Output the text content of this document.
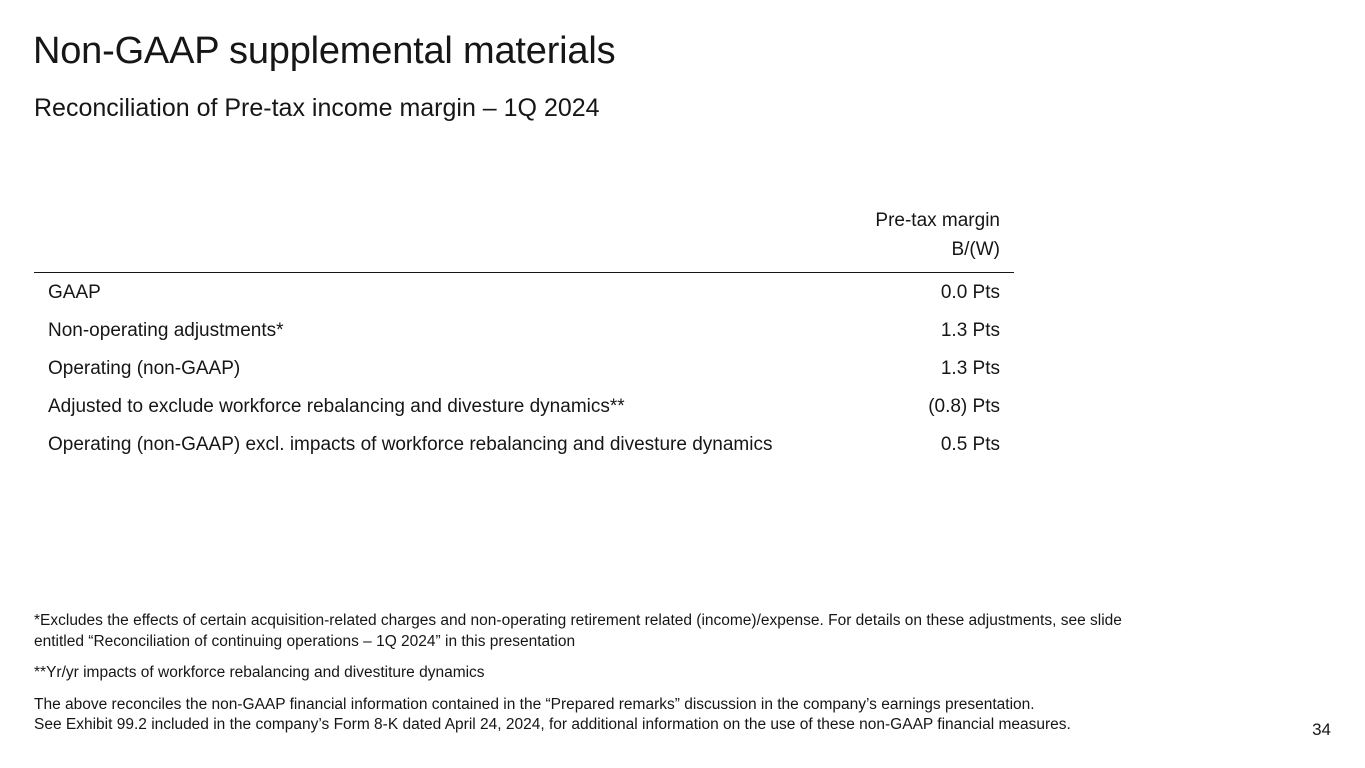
Non-GAAP supplemental materials
Reconciliation of Pre-tax income margin – 1Q 2024
Pre-tax margin
B/(W)
GAAP	0.0 Pts
Non-operating adjustments*	1.3 Pts
Operating (non-GAAP)	1.3 Pts
Adjusted to exclude workforce rebalancing and divesture dynamics**	(0.8) Pts
Operating (non-GAAP) excl. impacts of workforce rebalancing and divesture dynamics	0.5 Pts

*Excludes the effects of certain acquisition-related charges and non-operating retirement related (income)/expense. For details on these adjustments, see slide
entitled “Reconciliation of continuing operations – 1Q 2024” in this presentation

**Yr/yr impacts of workforce rebalancing and divestiture dynamics

The above reconciles the non-GAAP financial information contained in the “Prepared remarks” discussion in the company’s earnings presentation.
See Exhibit 99.2 included in the company’s Form 8-K dated April 24, 2024, for additional information on the use of these non-GAAP financial measures.	34
